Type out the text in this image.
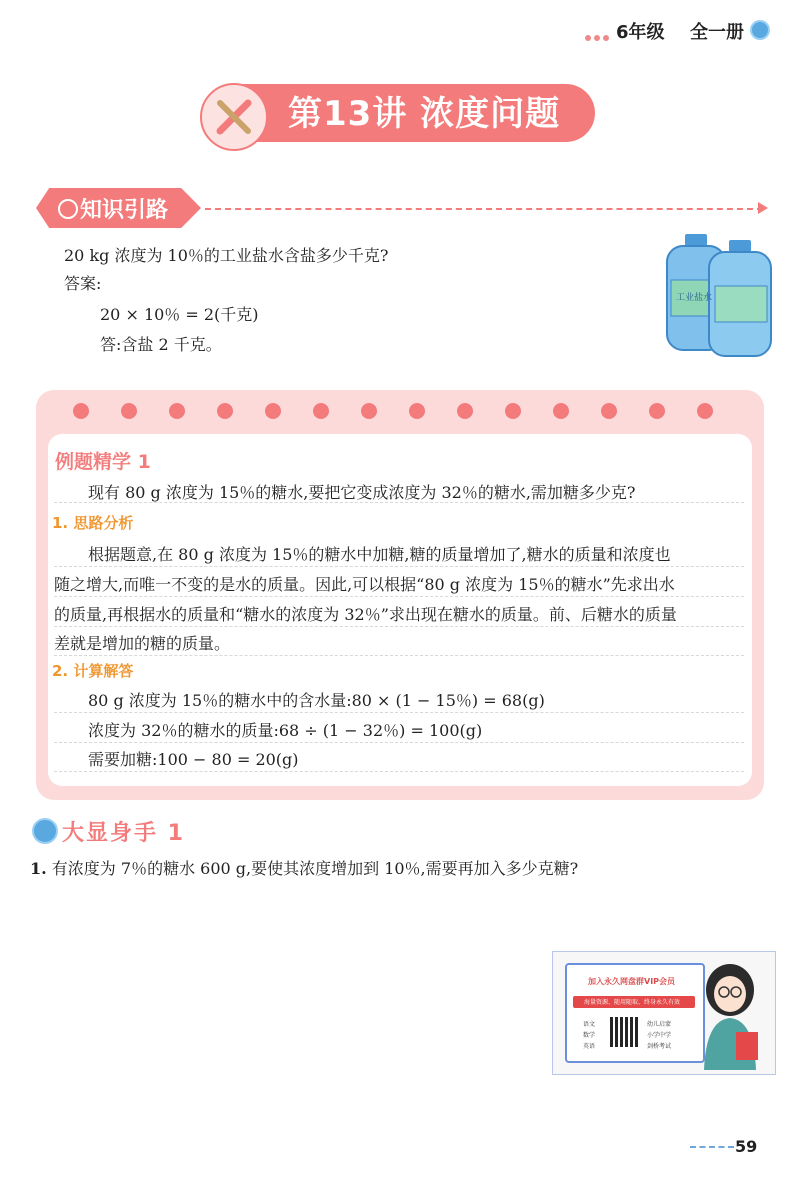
6年级 全一册
第13讲 浓度问题
知识引路
20 kg 浓度为 10％的工业盐水含盐多少千克?
答案:
20 × 10％ = 2(千克)
答:含盐 2 千克。
工业盐水
例题精学 1
现有 80 g 浓度为 15％的糖水,要把它变成浓度为 32％的糖水,需加糖多少克?
1. 思路分析
根据题意,在 80 g 浓度为 15％的糖水中加糖,糖的质量增加了,糖水的质量和浓度也
随之增大,而唯一不变的是水的质量。因此,可以根据“80 g 浓度为 15％的糖水”先求出水
的质量,再根据水的质量和“糖水的浓度为 32％”求出现在糖水的质量。前、后糖水的质量
差就是增加的糖的质量。
2. 计算解答
80 g 浓度为 15％的糖水中的含水量:80 × (1 − 15％) = 68(g)
浓度为 32％的糖水的质量:68 ÷ (1 − 32％) = 100(g)
需要加糖:100 − 80 = 20(g)
大显身手 1
1. 有浓度为 7％的糖水 600 g,要使其浓度增加到 10％,需要再加入多少克糖?
加入永久网盘群VIP会员
海量资源、随用随取、终身永久有效
语文
数学
英语
幼儿启蒙
小学中学
剑桥考试
59
